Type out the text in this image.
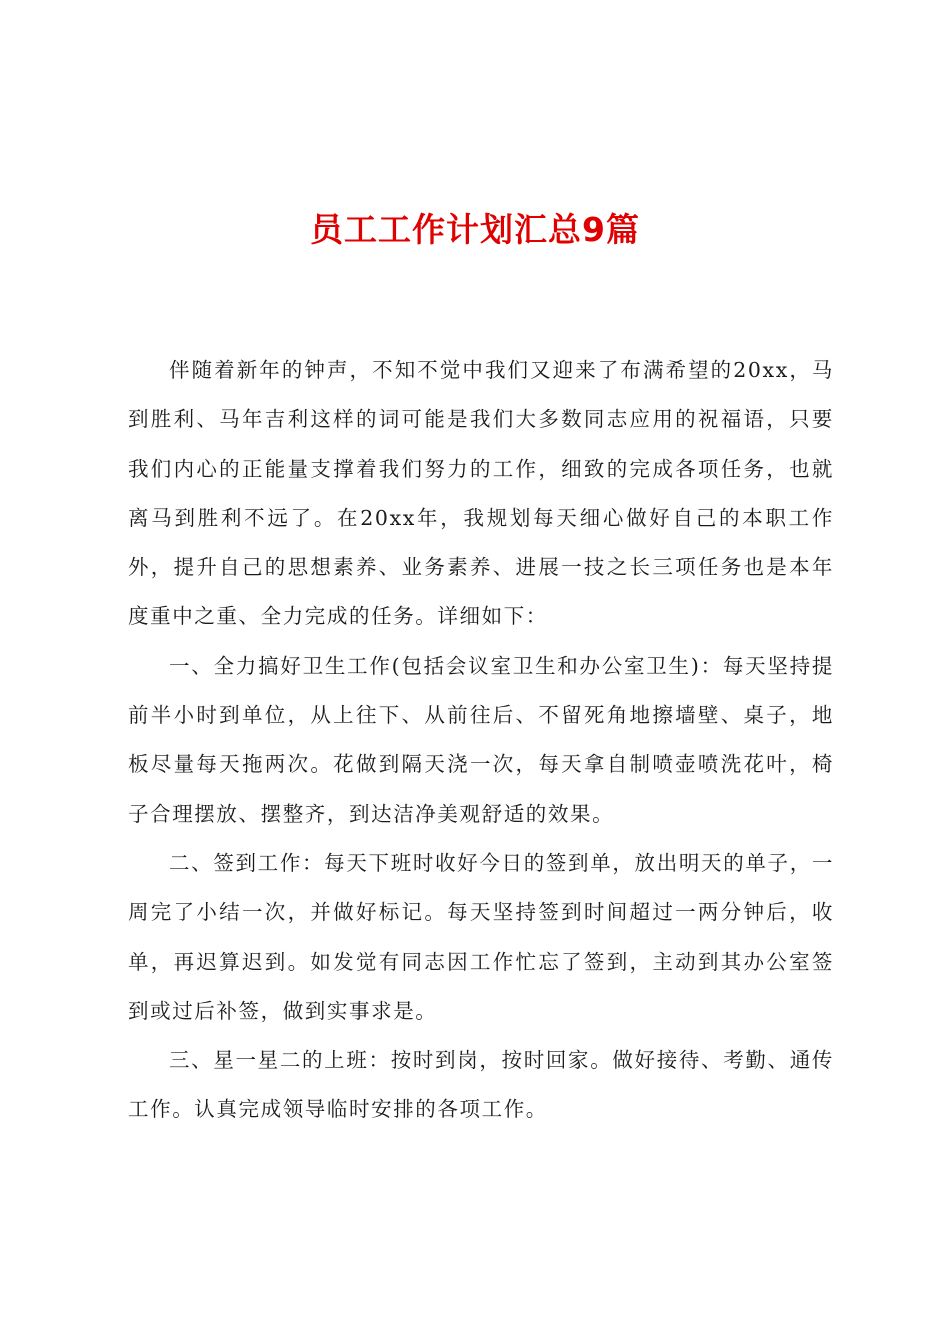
员工工作计划汇总9篇

伴随着新年的钟声，不知不觉中我们又迎来了布满希望的20xx，马到胜利、马年吉利这样的词可能是我们大多数同志应用的祝福语，只要我们内心的正能量支撑着我们努力的工作，细致的完成各项任务，也就离马到胜利不远了。在20xx年，我规划每天细心做好自己的本职工作外，提升自己的思想素养、业务素养、进展一技之长三项任务也是本年度重中之重、全力完成的任务。详细如下：

一、全力搞好卫生工作(包括会议室卫生和办公室卫生)：每天坚持提前半小时到单位，从上往下、从前往后、不留死角地擦墙壁、桌子，地板尽量每天拖两次。花做到隔天浇一次，每天拿自制喷壶喷洗花叶，椅子合理摆放、摆整齐，到达洁净美观舒适的效果。

二、签到工作：每天下班时收好今日的签到单，放出明天的单子，一周完了小结一次，并做好标记。每天坚持签到时间超过一两分钟后，收单，再迟算迟到。如发觉有同志因工作忙忘了签到，主动到其办公室签到或过后补签，做到实事求是。

三、星一星二的上班：按时到岗，按时回家。做好接待、考勤、通传工作。认真完成领导临时安排的各项工作。
